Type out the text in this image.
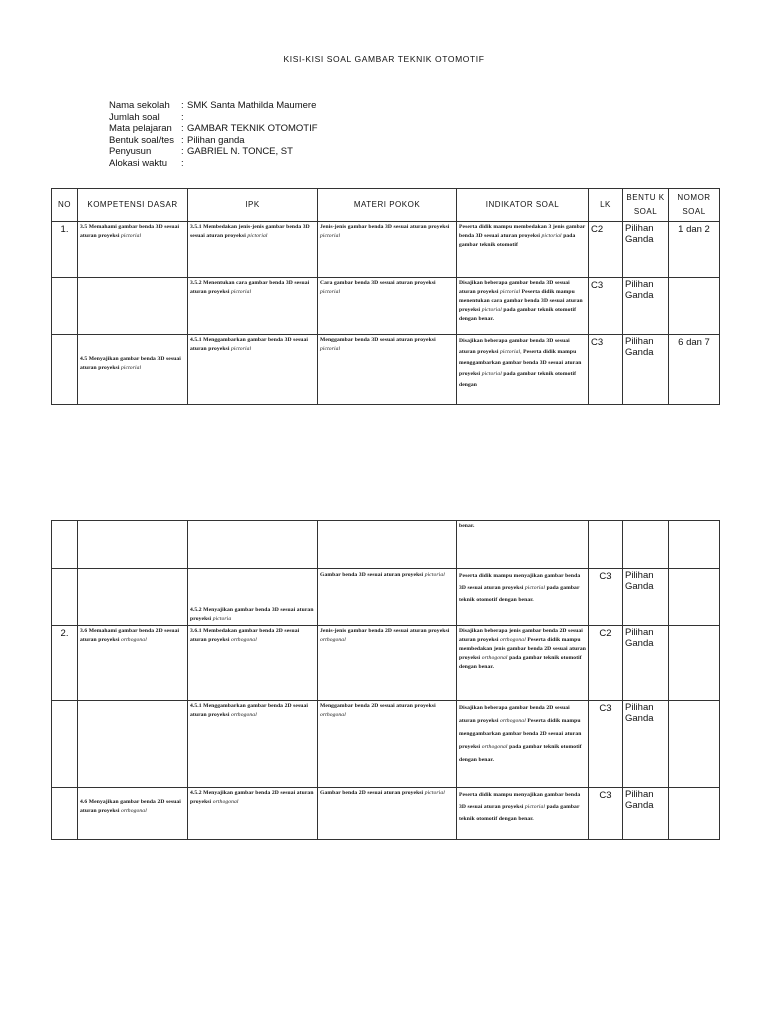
KISI-KISI SOAL GAMBAR TEKNIK OTOMOTIF
Nama sekolah	: SMK Santa Mathilda Maumere
Jumlah soal	:
Mata pelajaran : GAMBAR TEKNIK OTOMOTIF
Bentuk soal/tes : Pilihan ganda
Penyusun	: GABRIEL N. TONCE, ST
Alokasi waktu	:
NO	KOMPETENSI DASAR	IPK	MATERI POKOK	INDIKATOR SOAL	LK	BENTU K SOAL	NOMOR SOAL
1.	3.5 Memahami gambar benda 3D sesuai aturan proyeksi pictorial	3.5.1 Membedakan jenis-jenis gambar benda 3D sesuai aturan proyeksi pictorial	Jenis-jenis gambar benda 3D sesuai aturan proyeksi pictorial	Peserta didik mampu membedakan 3 jenis gambar benda 3D sesuai aturan proyeksi pictorial pada gambar teknik otomotif	C2	Pilihan Ganda	1 dan 2
		3.5.2 Menentukan cara gambar benda 3D sesuai aturan proyeksi pictorial	Cara gambar benda 3D sesuai aturan proyeksi pictorial	Disajikan beberapa gambar benda 3D sesuai aturan proyeksi pictorial Peserta didik mampu menentukan cara gambar benda 3D sesuai aturan proyeksi pictorial pada gambar teknik otomotif dengan benar.	C3	Pilihan Ganda	
	4.5 Menyajikan gambar benda 3D sesuai aturan proyeksi pictorial	4.5.1 Menggambarkan gambar benda 3D sesuai aturan proyeksi pictorial	Menggambar benda 3D sesuai aturan proyeksi pictorial	Disajikan beberapa gambar benda 3D sesuai aturan proyeksi pictorial, Peserta didik mampu menggambarkan gambar benda 3D sesuai aturan proyeksi pictorial pada gambar teknik otomotif dengan	C3	Pilihan Ganda	6 dan 7
				benar.			
		4.5.2 Menyajikan gambar benda 3D sesuai aturan proyeksi pictoria	Gambar benda 3D sesuai aturan proyeksi pictorial	Peserta didik mampu menyajikan gambar benda 3D sesuai aturan proyeksi pictorial pada gambar teknik otomotif dengan benar.	C3	Pilihan Ganda	
2.	3.6 Memahami gambar benda 2D sesuai aturan proyeksi orthogonal	3.6.1 Membedakan gambar benda 2D sesuai aturan proyeksi orthogonal	Jenis-jenis gambar benda 2D sesuai aturan proyeksi orthogonal	Disajikan beberapa jenis gambar benda 2D sesuai aturan proyeksi orthogonal Peserta didik mampu membedakan jenis gambar benda 2D sesuai aturan proyeksi orthogonal pada gambar teknik otomotif dengan benar.	C2	Pilihan Ganda	
		4.5.1 Menggambarkan gambar benda 2D sesuai aturan proyeksi orthogonal	Menggambar benda 2D sesuai aturan proyeksi orthogonal	Disajikan beberapa gambar benda 2D sesuai aturan proyeksi orthogonal Peserta didik mampu menggambarkan gambar benda 2D sesuai aturan proyeksi orthogonal pada gambar teknik otomotif dengan benar.	C3	Pilihan Ganda	
	4.6 Menyajikan gambar benda 2D sesuai aturan proyeksi orthogonal	4.5.2 Menyajikan gambar benda 2D sesuai aturan proyeksi orthogonal	Gambar benda 2D sesuai aturan proyeksi pictorial	Peserta didik mampu menyajikan gambar benda 3D sesuai aturan proyeksi pictorial pada gambar teknik otomotif dengan benar.	C3	Pilihan Ganda	
